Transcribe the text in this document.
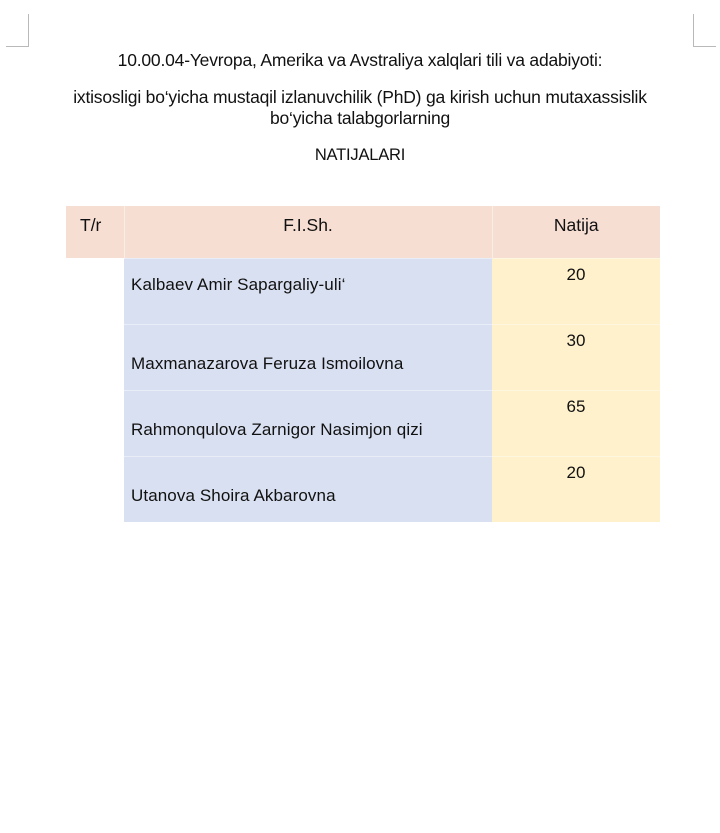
10.00.04-Yevropa, Amerika va Avstraliya xalqlari tili va adabiyoti:
ixtisosligi bo‘yicha mustaqil izlanuvchilik (PhD) ga kirish uchun mutaxassislik
bo‘yicha talabgorlarning
NATIJALARI
T/r	F.I.Sh.	Natija
	Kalbaev Amir Sapargaliy-uli‘	20
	Maxmanazarova Feruza Ismoilovna	30
	Rahmonqulova Zarnigor Nasimjon qizi	65
	Utanova Shoira Akbarovna	20
